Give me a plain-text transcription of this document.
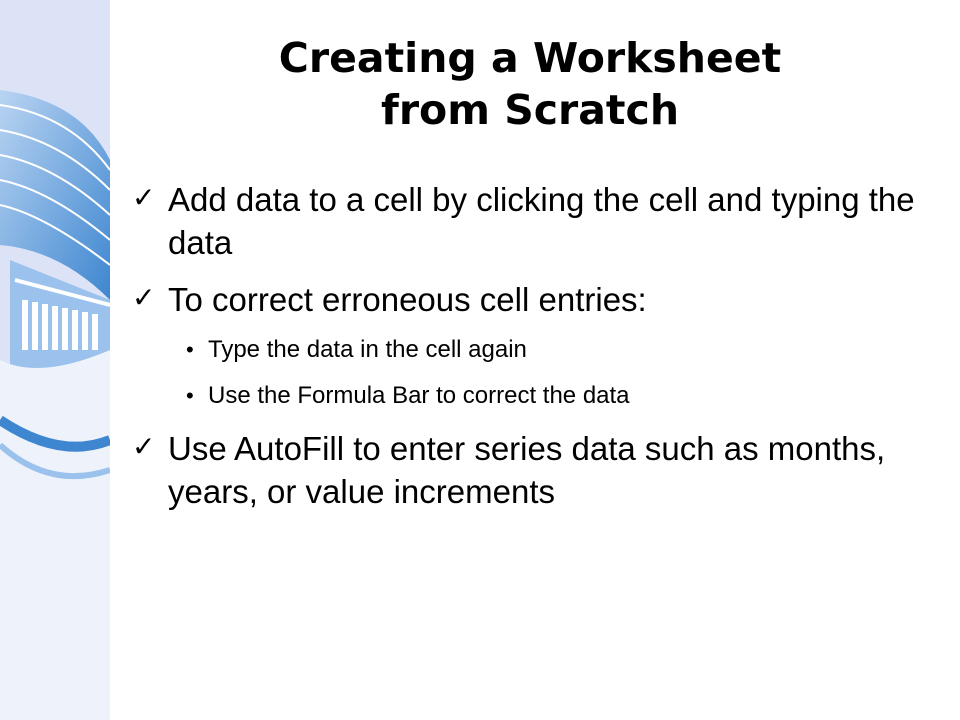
Creating a Worksheet
from Scratch
✓ Add data to a cell by clicking the cell and typing the data
✓ To correct erroneous cell entries:
• Type the data in the cell again
• Use the Formula Bar to correct the data
✓ Use AutoFill to enter series data such as months, years, or value increments
